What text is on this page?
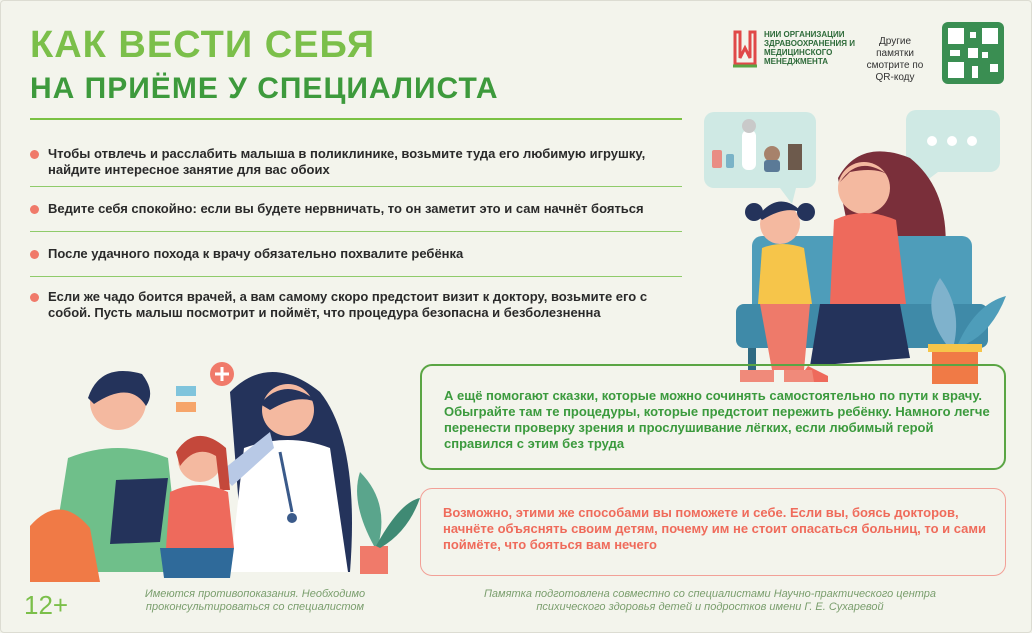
КАК ВЕСТИ СЕБЯ
НА ПРИЁМЕ У СПЕЦИАЛИСТА
НИИ ОРГАНИЗАЦИИ ЗДРАВООХРАНЕНИЯ И МЕДИЦИНСКОГО МЕНЕДЖМЕНТА
Другие памятки смотрите по QR-коду
Чтобы отвлечь и расслабить малыша в поликлинике, возьмите туда его любимую игрушку, найдите интересное занятие для вас обоих
Ведите себя спокойно: если вы будете нервничать, то он заметит это и сам начнёт бояться
После удачного похода к врачу обязательно похвалите ребёнка
Если же чадо боится врачей, а вам самому скоро предстоит визит к доктору, возьмите его с собой. Пусть малыш посмотрит и поймёт, что процедура безопасна и безболезненна
А ещё помогают сказки, которые можно сочинять самостоятельно по пути к врачу. Обыграйте там те процедуры, которые предстоит пережить ребёнку. Намного легче перенести проверку зрения и прослушивание лёгких, если любимый герой справился с этим без труда
Возможно, этими же способами вы поможете и себе. Если вы, боясь докторов, начнёте объяснять своим детям, почему им не стоит опасаться больниц, то и сами поймёте, что бояться вам нечего
12+	Имеются противопоказания. Необходимо проконсультироваться со специалистом
Памятка подготовлена совместно со специалистами Научно-практического центра психического здоровья детей и подростков имени Г. Е. Сухаревой
